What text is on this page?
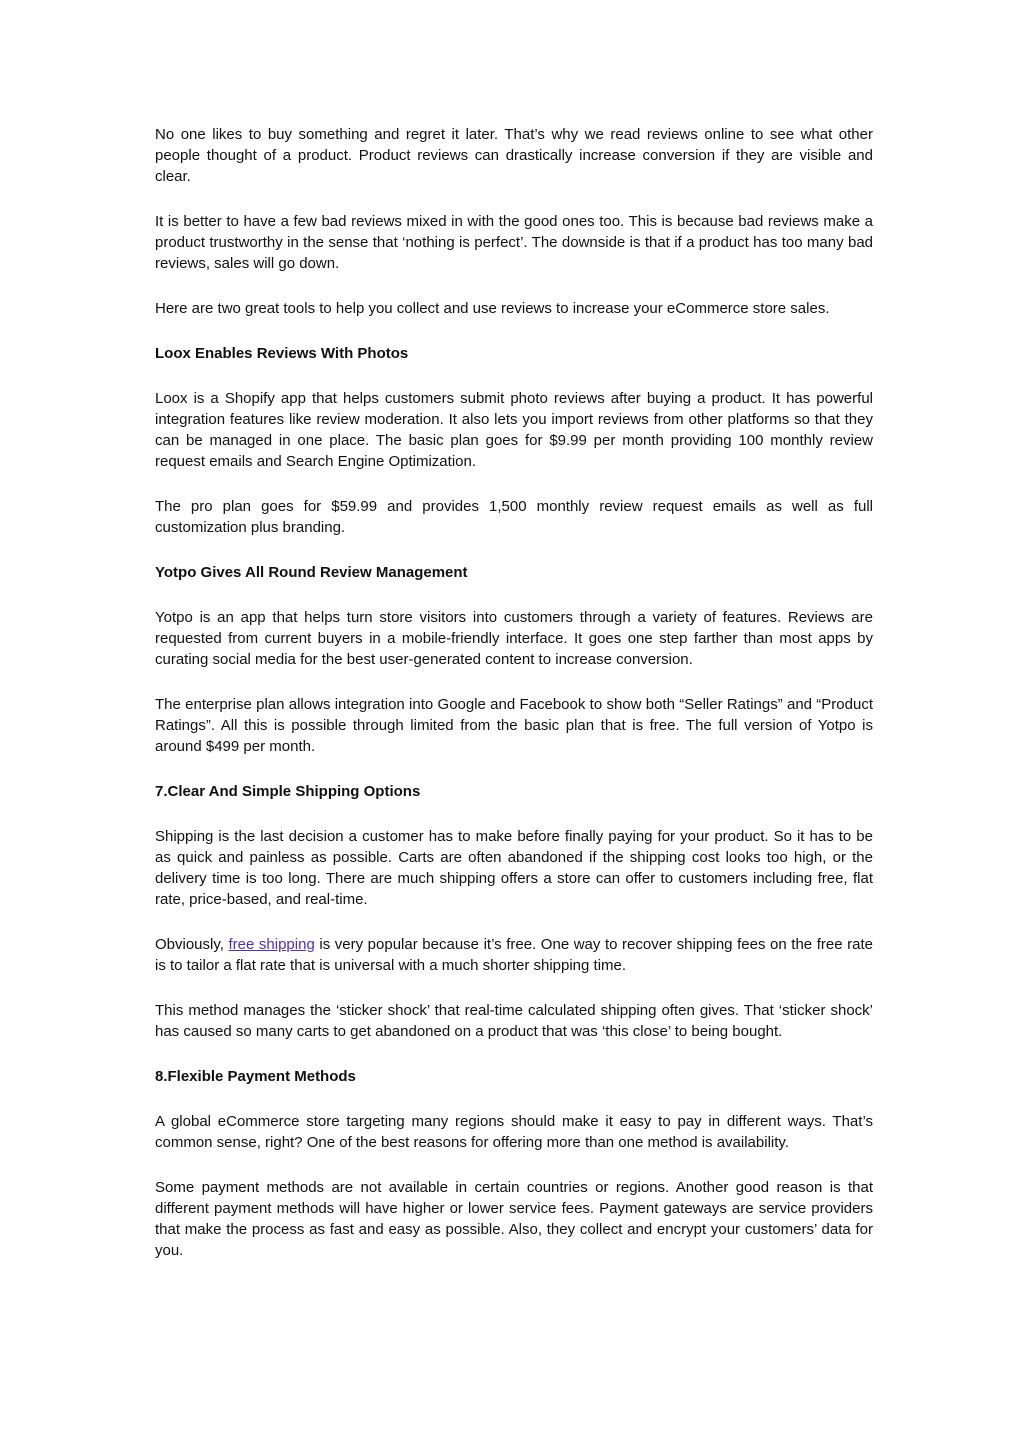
No one likes to buy something and regret it later. That’s why we read reviews online to see what other people thought of a product. Product reviews can drastically increase conversion if they are visible and clear.

It is better to have a few bad reviews mixed in with the good ones too. This is because bad reviews make a product trustworthy in the sense that ‘nothing is perfect’. The downside is that if a product has too many bad reviews, sales will go down.

Here are two great tools to help you collect and use reviews to increase your eCommerce store sales.

Loox Enables Reviews With Photos

Loox is a Shopify app that helps customers submit photo reviews after buying a product. It has powerful integration features like review moderation. It also lets you import reviews from other platforms so that they can be managed in one place. The basic plan goes for $9.99 per month providing 100 monthly review request emails and Search Engine Optimization.

The pro plan goes for $59.99 and provides 1,500 monthly review request emails as well as full customization plus branding.

Yotpo Gives All Round Review Management

Yotpo is an app that helps turn store visitors into customers through a variety of features. Reviews are requested from current buyers in a mobile-friendly interface. It goes one step farther than most apps by curating social media for the best user-generated content to increase conversion.

The enterprise plan allows integration into Google and Facebook to show both “Seller Ratings” and “Product Ratings”. All this is possible through limited from the basic plan that is free. The full version of Yotpo is around $499 per month.

7.Clear And Simple Shipping Options

Shipping is the last decision a customer has to make before finally paying for your product. So it has to be as quick and painless as possible. Carts are often abandoned if the shipping cost looks too high, or the delivery time is too long. There are much shipping offers a store can offer to customers including free, flat rate, price-based, and real-time.

Obviously, free shipping is very popular because it’s free. One way to recover shipping fees on the free rate is to tailor a flat rate that is universal with a much shorter shipping time.

This method manages the ‘sticker shock’ that real-time calculated shipping often gives. That ‘sticker shock’ has caused so many carts to get abandoned on a product that was ‘this close’ to being bought.

8.Flexible Payment Methods

A global eCommerce store targeting many regions should make it easy to pay in different ways. That’s common sense, right? One of the best reasons for offering more than one method is availability.

Some payment methods are not available in certain countries or regions. Another good reason is that different payment methods will have higher or lower service fees. Payment gateways are service providers that make the process as fast and easy as possible. Also, they collect and encrypt your customers’ data for you.
